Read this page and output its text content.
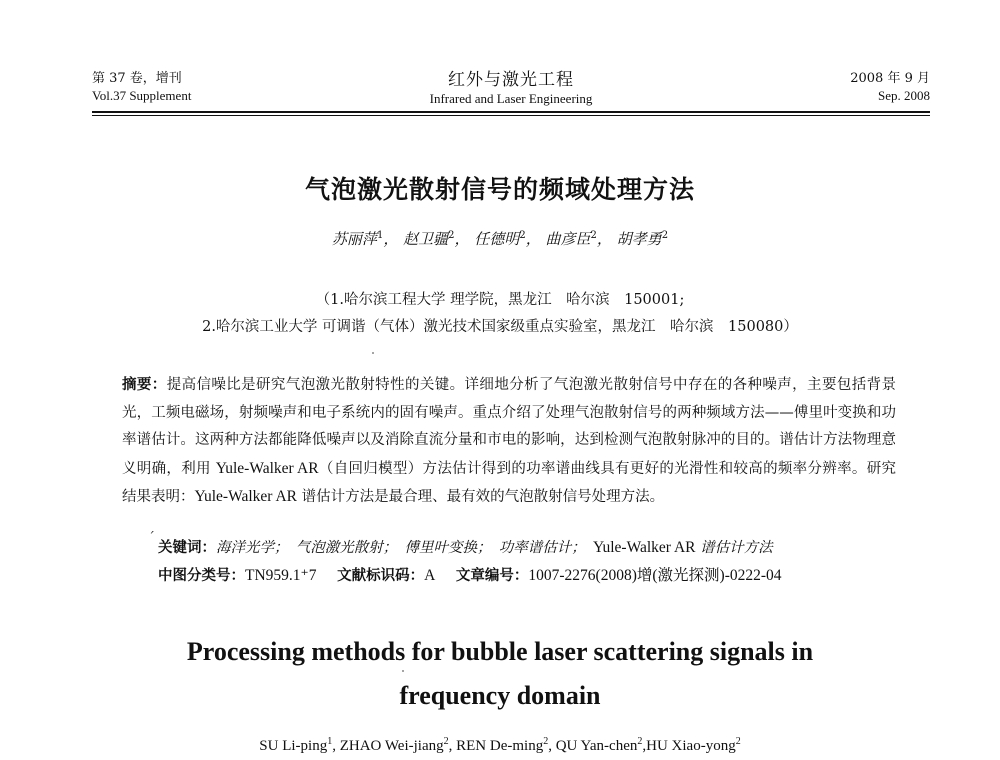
第 37 卷，增刊
Vol.37 Supplement
红外与激光工程
Infrared and Laser Engineering
2008 年 9 月
Sep. 2008
气泡激光散射信号的频域处理方法
苏丽萍$^1$， 赵卫疆$^2$， 任德明$^2$， 曲彦臣$^2$， 胡孝勇$^2$
（1.哈尔滨工程大学 理学院，黑龙江　哈尔滨　150001;
2.哈尔滨工业大学 可调谐（气体）激光技术国家级重点实验室，黑龙江　哈尔滨　150080）
摘要：提高信噪比是研究气泡激光散射特性的关键。详细地分析了气泡激光散射信号中存在的各种噪声，主要包括背景光，工频电磁场，射频噪声和电子系统内的固有噪声。重点介绍了处理气泡散射信号的两种频域方法——傅里叶变换和功率谱估计。这两种方法都能降低噪声以及消除直流分量和市电的影响，达到检测气泡散射脉冲的目的。谱估计方法物理意义明确，利用 Yule-Walker AR（自回归模型）方法估计得到的功率谱曲线具有更好的光滑性和较高的频率分辨率。研究结果表明：Yule-Walker AR 谱估计方法是最合理、最有效的气泡散射信号处理方法。
ˊ
关键词：海洋光学；　气泡激光散射；　傅里叶变换；　功率谱估计；　Yule-Walker AR 谱估计方法
中图分类号：TN959.1⁺7 文献标识码：A 文章编号：1007-2276(2008)增(激光探测)-0222-04
Processing methods for bubble laser scattering signals in frequency domain
SU Li-ping$^1$, ZHAO Wei-jiang$^2$, REN De-ming$^2$, QU Yan-chen$^2$,HU Xiao-yong$^2$
